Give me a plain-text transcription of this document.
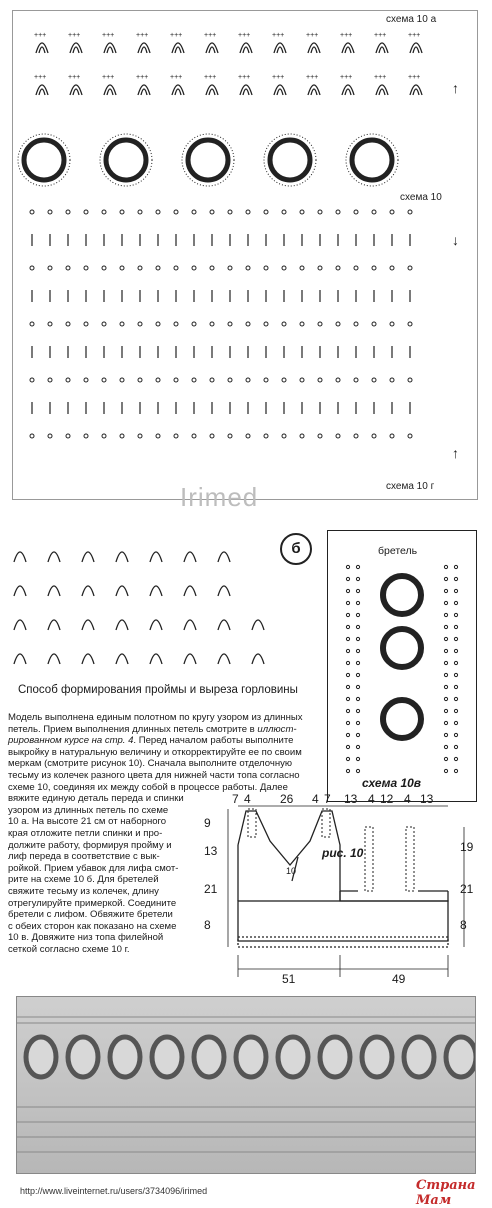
схема 10 а
схема 10
схема 10 г
↑
↓
↑
+++	+++	+++	+++	+++	+++	+++	+++	+++	+++	+++	+++
+++	+++	+++	+++	+++	+++	+++	+++	+++	+++	+++	+++
Irimed
б
Способ формирования проймы и выреза горловины
бретель
схема 10в
Модель выполнена единым полотном по кругу узором из длинных
петель. Прием выполнения длинных петель смотрите в иллюст-
рированном курсе на стр. 4. Перед началом работы выполните
выкройку в натуральную величину и откорректируйте ее по своим
меркам (смотрите рисунок 10). Сначала выполните отделочную
тесьму из колечек разного цвета для нижней части топа согласно
схеме 10, соединяя их между собой в процессе работы. Далее
вяжите единую деталь переда и спинки
узором из длинных петель по схеме
10 а. На высоте 21 см от наборного
края отложите петли спинки и про-
должите работу, формируя пройму и
лиф переда в соответствие с вык-
ройкой. Прием убавок для лифа смот-
рите на схеме 10 б. Для бретелей
свяжите тесьму из колечек, длину
отрегулируйте примеркой. Соедините
бретели с лифом. Обвяжите бретели
с обеих сторон как показано на схеме
10 в. Довяжите низ топа филейной
сеткой согласно схеме 10 г.
рис. 10
10
7 4 26 4 7 13 4 12 4 13
9
13
21
8
19
21
8
51	49
http://www.liveinternet.ru/users/3734096/irimed	Страна Мам
